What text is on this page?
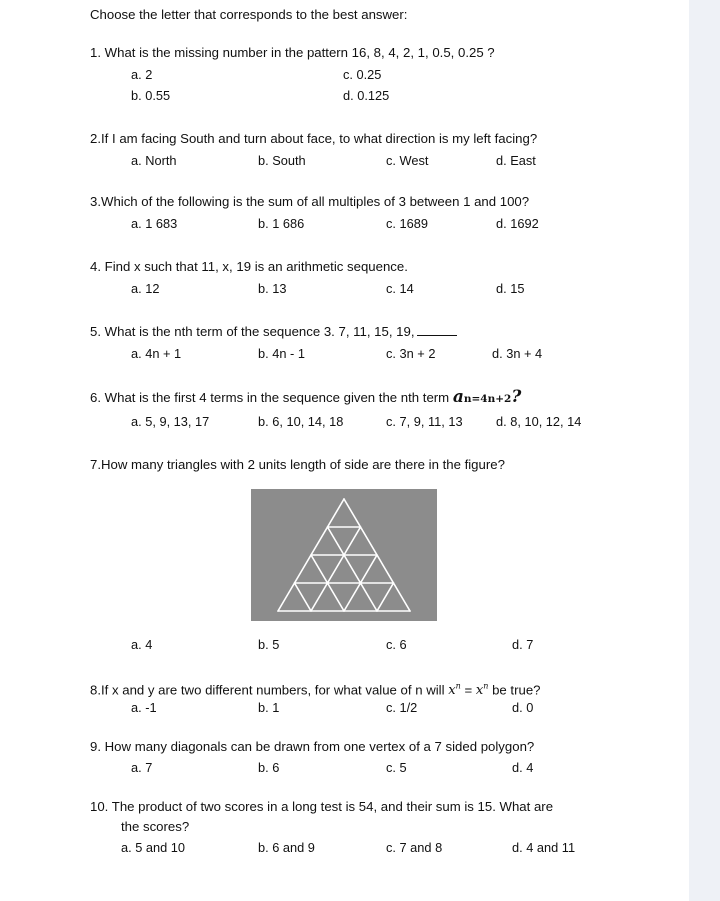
Choose the letter that corresponds to the best answer:
1. What is the missing number in the pattern 16, 8, 4, 2, 1, 0.5, 0.25 ?
a. 2	c. 0.25
b. 0.55	d. 0.125
2.If I am facing South and turn about face, to what direction is my left facing?
a. North	b. South	c. West	d. East
3.Which of the following is the sum of all multiples of 3 between 1 and 100?
a. 1 683	b. 1 686	c. 1689	d. 1692
4. Find x such that 11, x, 19 is an arithmetic sequence.
a. 12	b. 13	c. 14	d. 15
5. What is the nth term of the sequence 3. 7, 11, 15, 19,
a. 4n + 1	b. 4n - 1	c. 3n + 2	d. 3n + 4
6. What is the first 4 terms in the sequence given the nth term an=4n+2?
a. 5, 9, 13, 17	b. 6, 10, 14, 18	c. 7, 9, 11, 13	d. 8, 10, 12, 14
7.How many triangles with 2 units length of side are there in the figure?
a. 4	b. 5	c. 6	d. 7
8.If x and y are two different numbers, for what value of n will $x^n = x^n$ be true?
a. -1	b. 1	c. 1/2	d. 0
9. How many diagonals can be drawn from one vertex of a 7 sided polygon?
a. 7	b. 6	c. 5	d. 4
10. The product of two scores in a long test is 54, and their sum is 15. What are
the scores?
a. 5 and 10	b. 6 and 9	c. 7 and 8	d. 4 and 11
